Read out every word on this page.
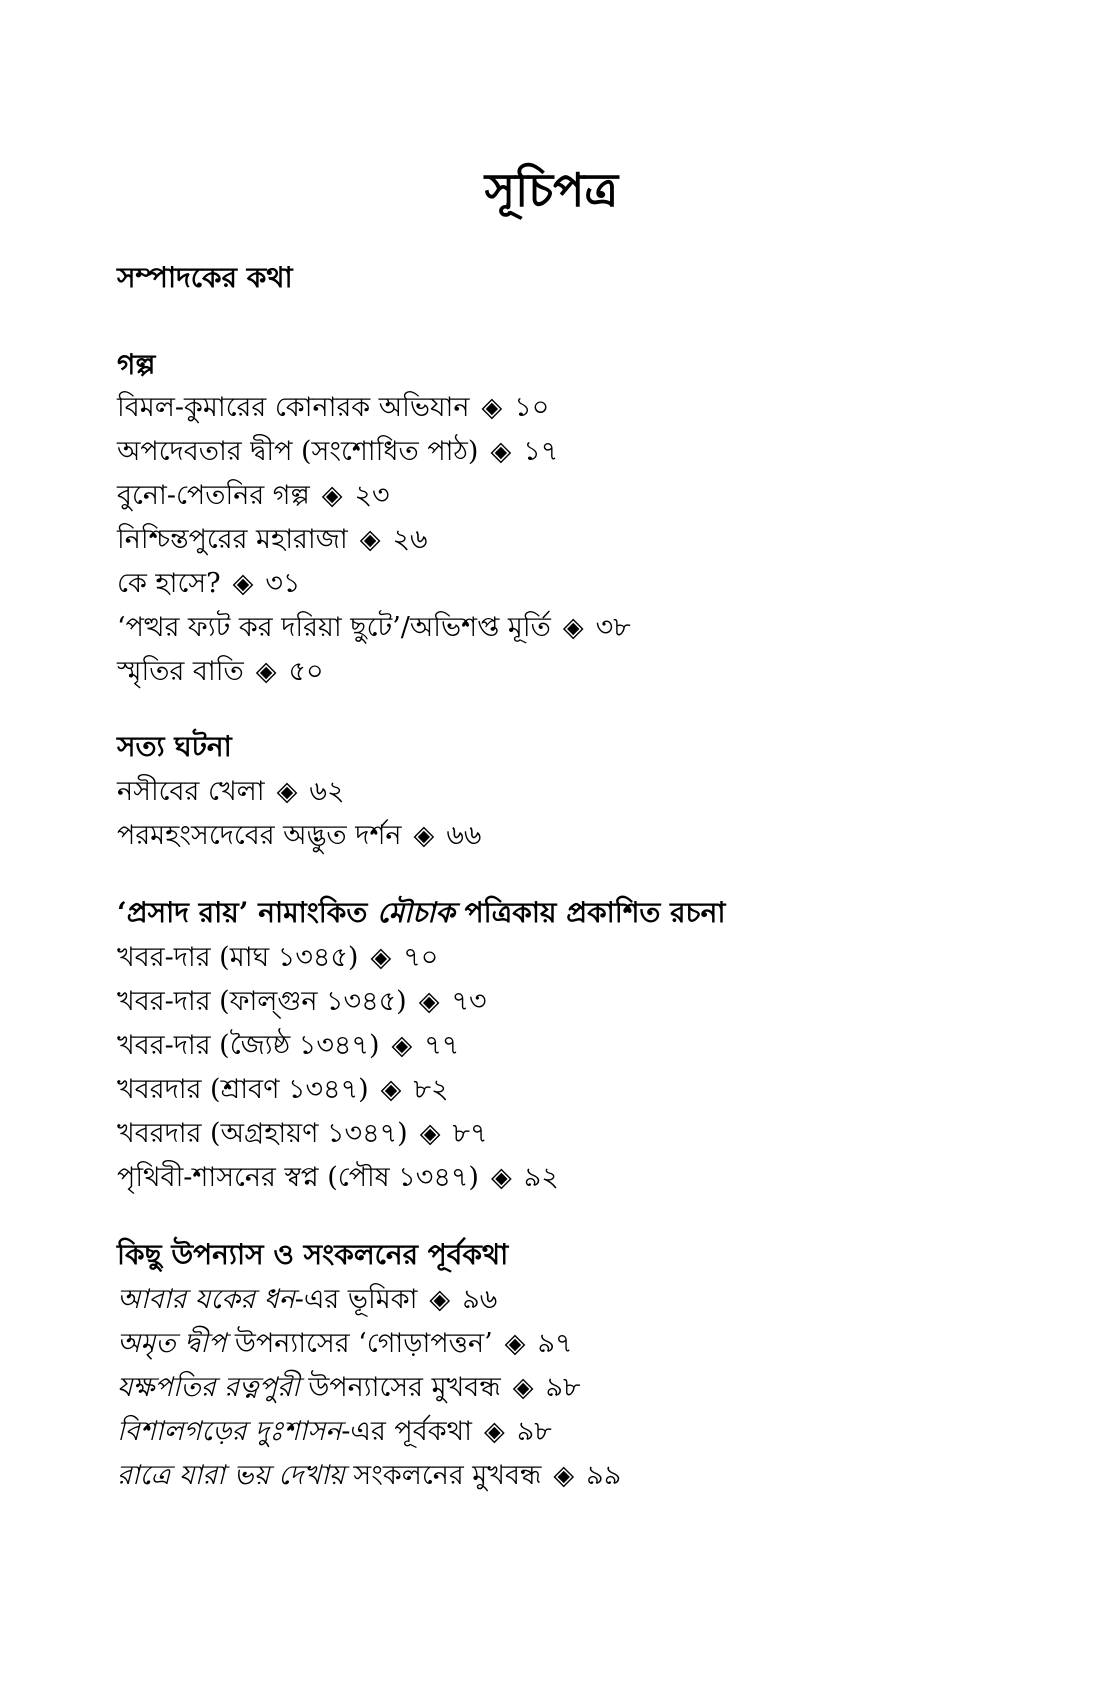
সূচিপত্র
সম্পাদকের কথা
গল্প
বিমল-কুমারের কোনারক অভিযান ◈ ১০
অপদেবতার দ্বীপ (সংশোধিত পাঠ) ◈ ১৭
বুনো-পেতনির গল্প ◈ ২৩
নিশ্চিন্তপুরের মহারাজা ◈ ২৬
কে হাসে? ◈ ৩১
‘পত্থর ফ্যট কর দরিয়া ছুটে’/অভিশপ্ত মূর্তি ◈ ৩৮
স্মৃতির বাতি ◈ ৫০
সত্য ঘটনা
নসীবের খেলা ◈ ৬২
পরমহংসদেবের অদ্ভুত দর্শন ◈ ৬৬
‘প্রসাদ রায়’ নামাংকিত মৌচাক পত্রিকায় প্রকাশিত রচনা
খবর-দার (মাঘ ১৩৪৫) ◈ ৭০
খবর-দার (ফাল্গুন ১৩৪৫) ◈ ৭৩
খবর-দার (জ্যৈষ্ঠ ১৩৪৭) ◈ ৭৭
খবরদার (শ্রাবণ ১৩৪৭) ◈ ৮২
খবরদার (অগ্রহায়ণ ১৩৪৭) ◈ ৮৭
পৃথিবী-শাসনের স্বপ্ন (পৌষ ১৩৪৭) ◈ ৯২
কিছু উপন্যাস ও সংকলনের পূর্বকথা
আবার যকের ধন-এর ভূমিকা ◈ ৯৬
অমৃত দ্বীপ উপন্যাসের ‘গোড়াপত্তন’ ◈ ৯৭
যক্ষপতির রত্নপুরী উপন্যাসের মুখবন্ধ ◈ ৯৮
বিশালগড়ের দুঃশাসন-এর পূর্বকথা ◈ ৯৮
রাত্রে যারা ভয় দেখায় সংকলনের মুখবন্ধ ◈ ৯৯
